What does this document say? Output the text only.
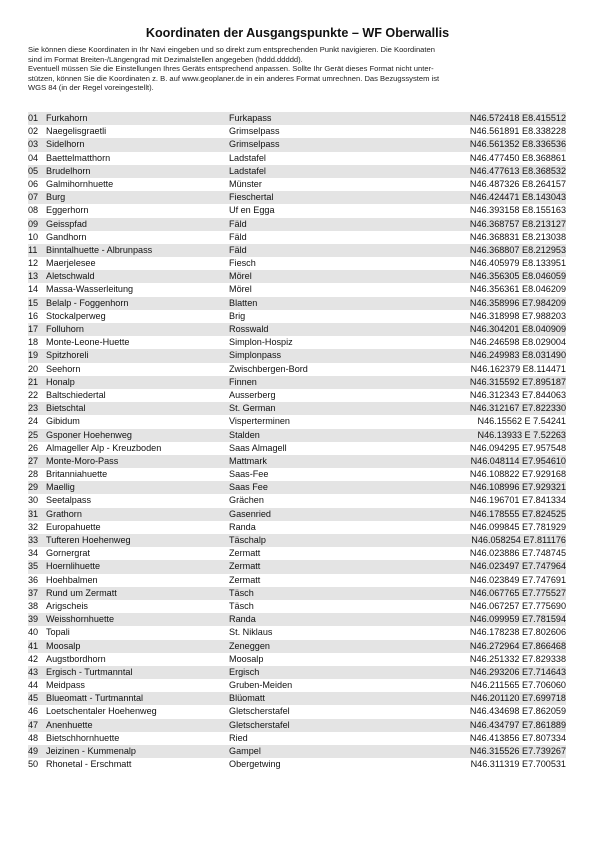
Koordinaten der Ausgangspunkte – WF Oberwallis
Sie können diese Koordinaten in Ihr Navi eingeben und so direkt zum entsprechenden Punkt navigieren. Die Koordinaten
sind im Format Breiten-/Längengrad mit Dezimalstellen angegeben (hddd.ddddd).
Eventuell müssen Sie die Einstellungen Ihres Geräts entsprechend anpassen. Sollte Ihr Gerät dieses Format nicht unter-
stützen, können Sie die Koordinaten z. B. auf www.geoplaner.de in ein anderes Format umrechnen. Das Bezugssystem ist
WGS 84 (in der Regel voreingestellt).
01 Furkahorn	Furkapass	N46.572418 E8.415512
02 Naegelisgraetli	Grimselpass	N46.561891 E8.338228
03 Sidelhorn	Grimselpass	N46.561352 E8.336536
04 Baettelmatthorn	Ladstafel	N46.477450 E8.368861
05 Brudelhorn	Ladstafel	N46.477613 E8.368532
06 Galmihornhuette	Münster	N46.487326 E8.264157
07 Burg	Fieschertal	N46.424471 E8.143043
08 Eggerhorn	Uf en Egga	N46.393158 E8.155163
09 Geisspfad	Fäld	N46.368757 E8.213127
10 Gandhorn	Fäld	N46.368831 E8.213038
11 Binntalhuette - Albrunpass	Fäld	N46.368807 E8.212953
12 Maerjelesee	Fiesch	N46.405979 E8.133951
13 Aletschwald	Mörel	N46.356305 E8.046059
14 Massa-Wasserleitung	Mörel	N46.356361 E8.046209
15 Belalp - Foggenhorn	Blatten	N46.358996 E7.984209
16 Stockalperweg	Brig	N46.318998 E7.988203
17 Folluhorn	Rosswald	N46.304201 E8.040909
18 Monte-Leone-Huette	Simplon-Hospiz	N46.246598 E8.029004
19 Spitzhoreli	Simplonpass	N46.249983 E8.031490
20 Seehorn	Zwischbergen-Bord	N46.162379 E8.114471
21 Honalp	Finnen	N46.315592 E7.895187
22 Baltschiedertal	Ausserberg	N46.312343 E7.844063
23 Bietschtal	St. German	N46.312167 E7.822330
24 Gibidum	Visperterminen	N46.15562 E 7.54241
25 Gsponer Hoehenweg	Stalden	N46.13933 E 7.52263
26 Almageller Alp - Kreuzboden	Saas Almagell	N46.094295 E7.957548
27 Monte-Moro-Pass	Mattmark	N46.048114 E7.954610
28 Britanniahuette	Saas-Fee	N46.108822 E7.929168
29 Maellig	Saas Fee	N46.108996 E7.929321
30 Seetalpass	Grächen	N46.196701 E7.841334
31 Grathorn	Gasenried	N46.178555 E7.824525
32 Europahuette	Randa	N46.099845 E7.781929
33 Tufteren Hoehenweg	Täschalp	N46.058254 E7.811176
34 Gornergrat	Zermatt	N46.023886 E7.748745
35 Hoernlihuette	Zermatt	N46.023497 E7.747964
36 Hoehbalmen	Zermatt	N46.023849 E7.747691
37 Rund um Zermatt	Täsch	N46.067765 E7.775527
38 Arigscheis	Täsch	N46.067257 E7.775690
39 Weisshornhuette	Randa	N46.099959 E7.781594
40 Topali	St. Niklaus	N46.178238 E7.802606
41 Moosalp	Zeneggen	N46.272964 E7.866468
42 Augstbordhorn	Moosalp	N46.251332 E7.829338
43 Ergisch - Turtmanntal	Ergisch	N46.293206 E7.714643
44 Meidpass	Gruben-Meiden	N46.211565 E7.706060
45 Blueomatt - Turtmanntal	Blüomatt	N46.201120 E7.699718
46 Loetschentaler Hoehenweg	Gletscherstafel	N46.434698 E7.862059
47 Anenhuette	Gletscherstafel	N46.434797 E7.861889
48 Bietschhornhuette	Ried	N46.413856 E7.807334
49 Jeizinen - Kummenalp	Gampel	N46.315526 E7.739267
50 Rhonetal - Erschmatt	Obergetwing	N46.311319 E7.700531
